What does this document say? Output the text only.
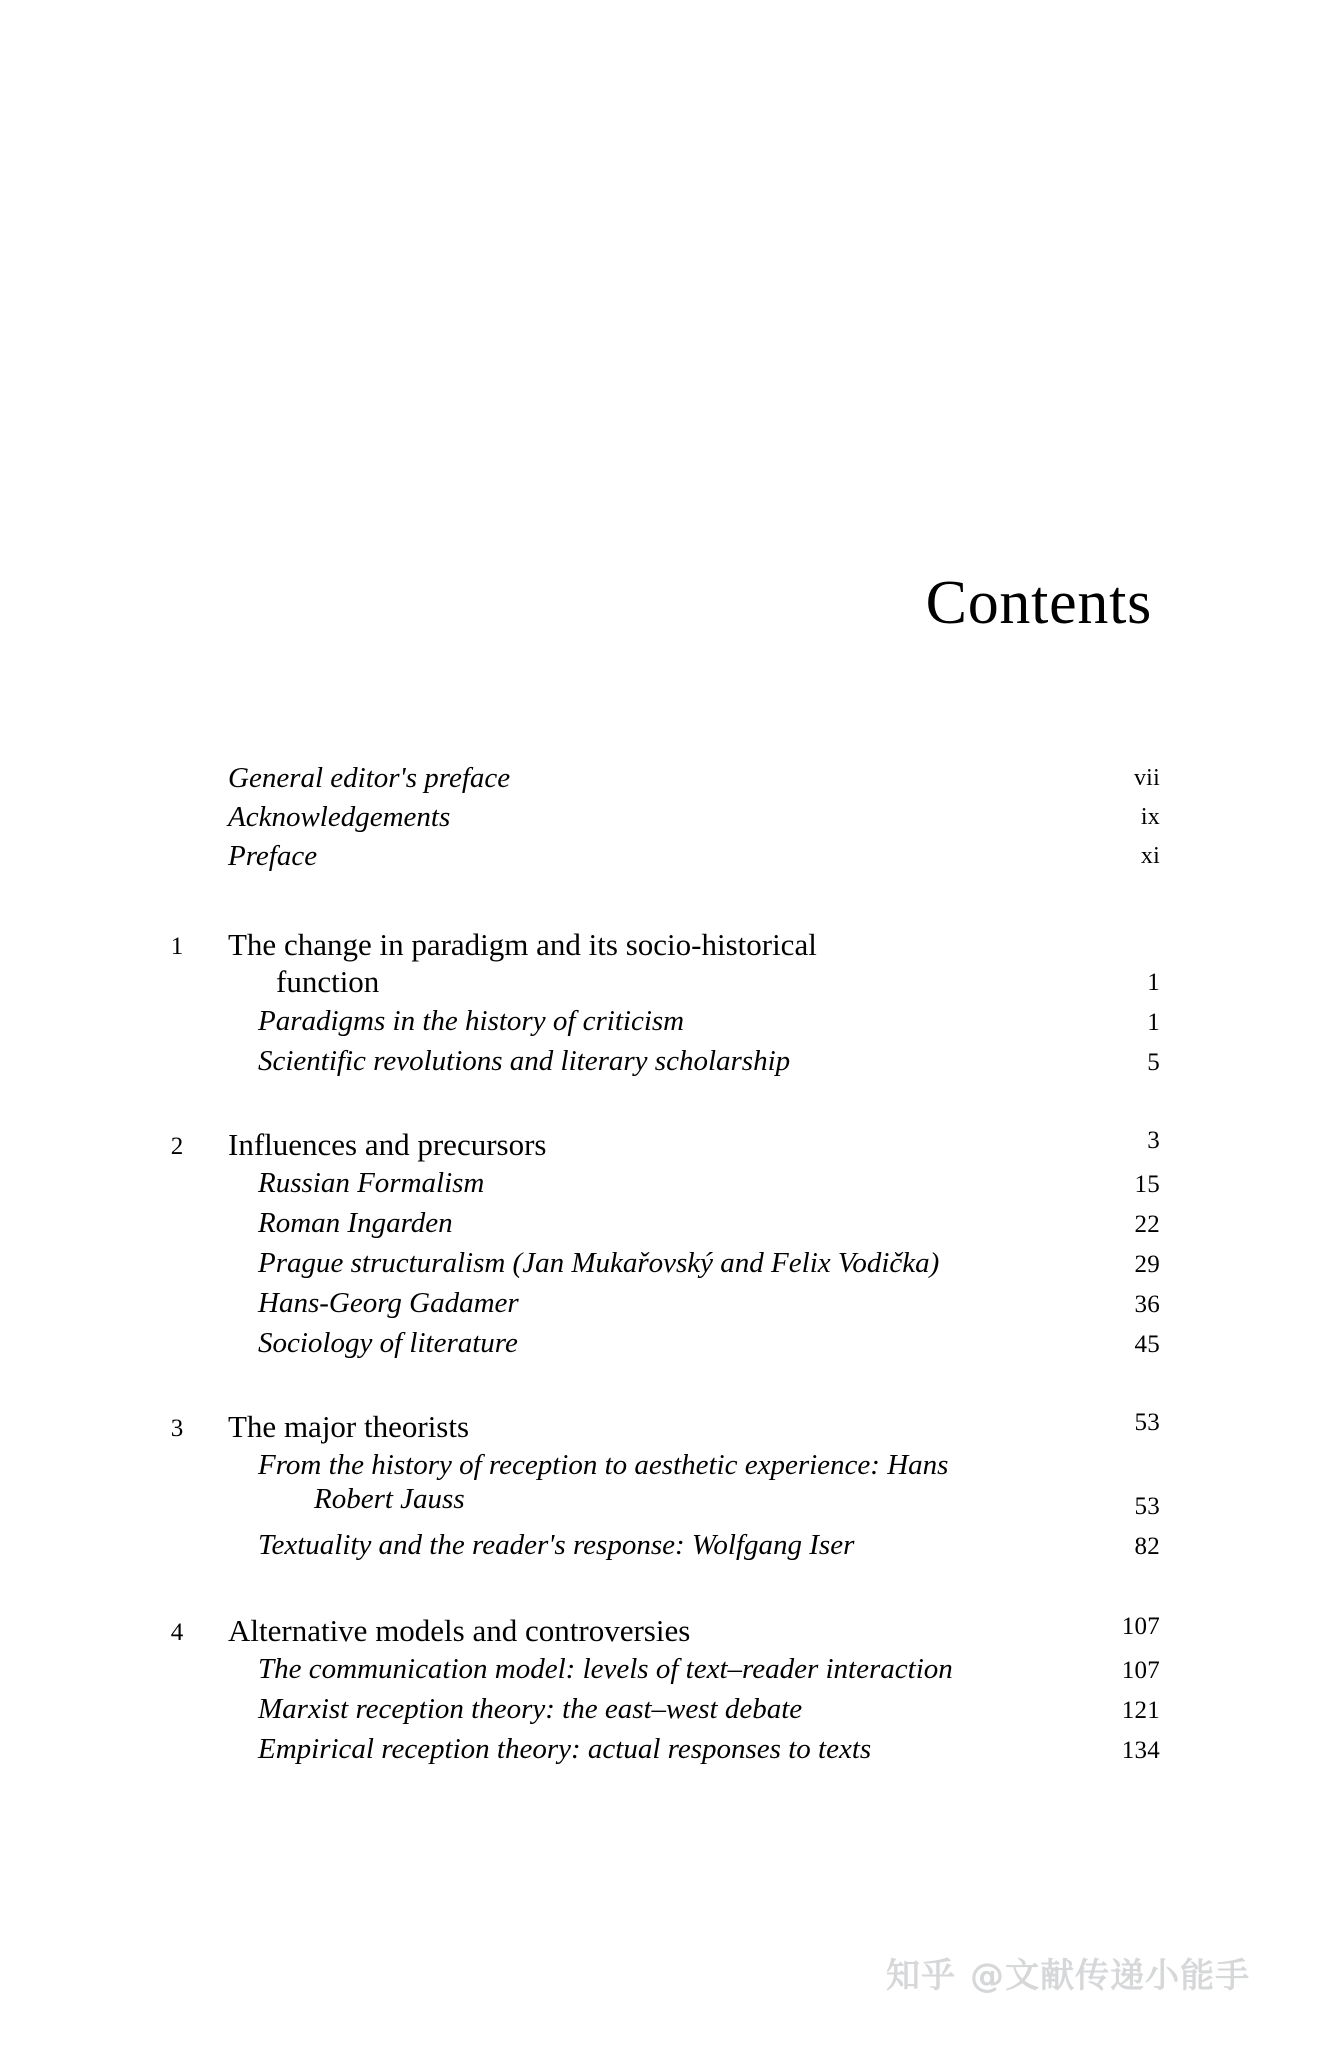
Contents
General editor's preface	vii
Acknowledgements	ix
Preface	xi
1	The change in paradigm and its socio-historical
function	1
Paradigms in the history of criticism	1
Scientific revolutions and literary scholarship	5
2	Influences and precursors	3
Russian Formalism	15
Roman Ingarden	22
Prague structuralism (Jan Mukařovský and Felix Vodička)	29
Hans-Georg Gadamer	36
Sociology of literature	45
3	The major theorists	53
From the history of reception to aesthetic experience: Hans
Robert Jauss	53
Textuality and the reader's response: Wolfgang Iser	82
4	Alternative models and controversies	107
The communication model: levels of text–reader interaction	107
Marxist reception theory: the east–west debate	121
Empirical reception theory: actual responses to texts	134
知乎 @文献传递小能手
